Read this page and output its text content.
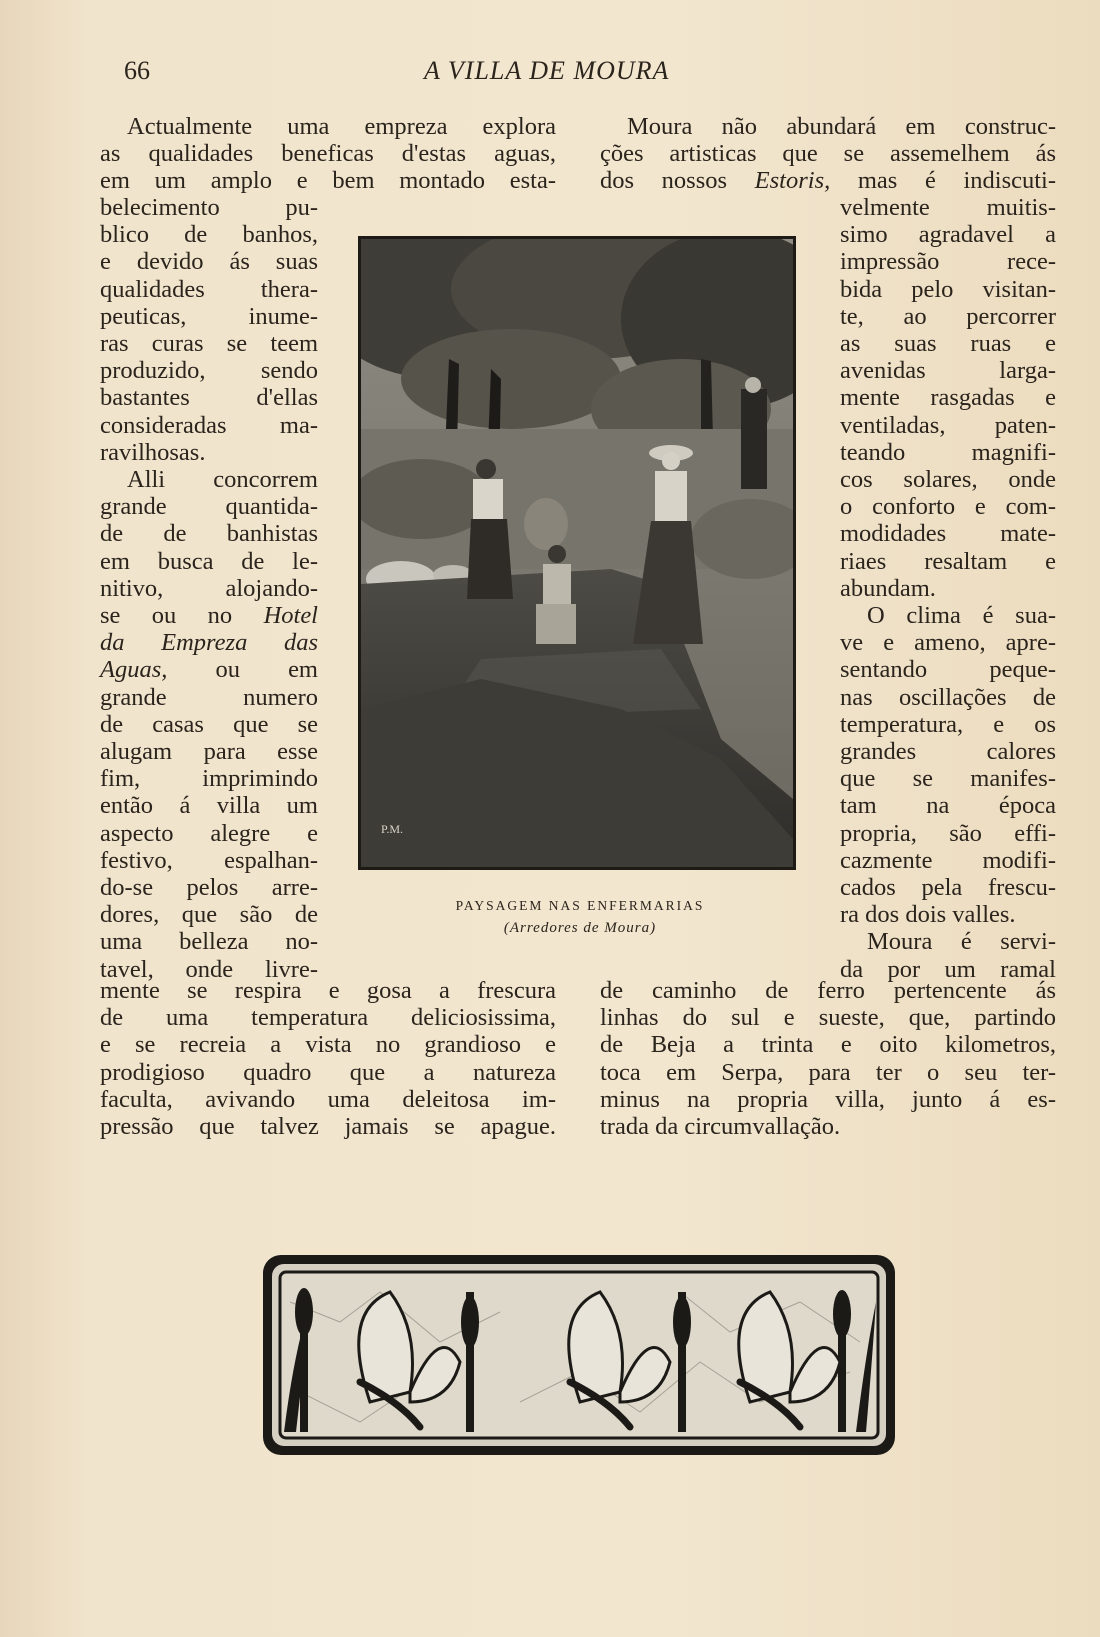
66	A VILLA DE MOURA
Actualmente uma empreza explora
as qualidades beneficas d'estas aguas,
em um amplo e bem montado esta-
belecimento pu-
blico de banhos,
e devido ás suas
qualidades thera-
peuticas, inume-
ras curas se teem
produzido, sendo
bastantes d'ellas
consideradas ma-
ravilhosas.
Alli concorrem
grande quantida-
de de banhistas
em busca de le-
nitivo, alojando-
se ou no Hotel
da Empreza das
Aguas, ou em
grande numero
de casas que se
alugam para esse
fim, imprimindo
então á villa um
aspecto alegre e
festivo, espalhan-
do-se pelos arre-
dores, que são de
uma belleza no-
tavel, onde livre-
mente se respira e gosa a frescura
de uma temperatura deliciosissima,
e se recreia a vista no grandioso e
prodigioso quadro que a natureza
faculta, avivando uma deleitosa im-
pressão que talvez jamais se apague.
Moura não abundará em construc-
ções artisticas que se assemelhem ás
dos nossos Estoris, mas é indiscuti-
velmente muitis-
simo agradavel a
impressão rece-
bida pelo visitan-
te, ao percorrer
as suas ruas e
avenidas larga-
mente rasgadas e
ventiladas, paten-
teando magnifi-
cos solares, onde
o conforto e com-
modidades mate-
riaes resaltam e
abundam.
O clima é sua-
ve e ameno, apre-
sentando peque-
nas oscillações de
temperatura, e os
grandes calores
que se manifes-
tam na época
propria, são effi-
cazmente modifi-
cados pela frescu-
ra dos dois valles.
Moura é servi-
da por um ramal
de caminho de ferro pertencente ás
linhas do sul e sueste, que, partindo
de Beja a trinta e oito kilometros,
toca em Serpa, para ter o seu ter-
minus na propria villa, junto á es-
trada da circumvallação.
P.M.
PAYSAGEM NAS ENFERMARIAS
(Arredores de Moura)
